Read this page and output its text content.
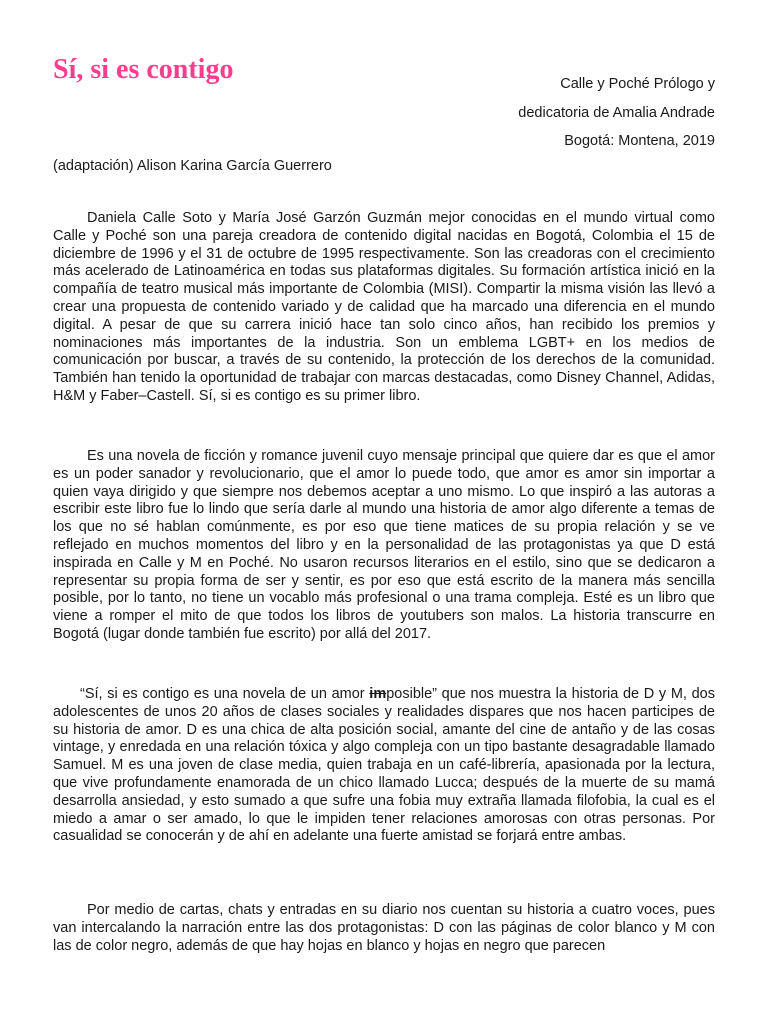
Sí, si es contigo	Calle y Poché Prólogo y
dedicatoria de Amalia Andrade
Bogotá: Montena, 2019
(adaptación) Alison Karina García Guerrero

Daniela Calle Soto y María José Garzón Guzmán mejor conocidas en el mundo virtual como Calle y Poché son una pareja creadora de contenido digital nacidas en Bogotá, Colombia el 15 de diciembre de 1996 y el 31 de octubre de 1995 respectivamente. Son las creadoras con el crecimiento más acelerado de Latinoamérica en todas sus plataformas digitales. Su formación artística inició en la compañía de teatro musical más importante de Colombia (MISI). Compartir la misma visión las llevó a crear una propuesta de contenido variado y de calidad que ha marcado una diferencia en el mundo digital. A pesar de que su carrera inició hace tan solo cinco años, han recibido los premios y nominaciones más importantes de la industria. Son un emblema LGBT+ en los medios de comunicación por buscar, a través de su contenido, la protección de los derechos de la comunidad. También han tenido la oportunidad de trabajar con marcas destacadas, como Disney Channel, Adidas, H&M y Faber–Castell. Sí, si es contigo es su primer libro.

Es una novela de ficción y romance juvenil cuyo mensaje principal que quiere dar es que el amor es un poder sanador y revolucionario, que el amor lo puede todo, que amor es amor sin importar a quien vaya dirigido y que siempre nos debemos aceptar a uno mismo. Lo que inspiró a las autoras a escribir este libro fue lo lindo que sería darle al mundo una historia de amor algo diferente a temas de los que no sé hablan comúnmente, es por eso que tiene matices de su propia relación y se ve reflejado en muchos momentos del libro y en la personalidad de las protagonistas ya que D está inspirada en Calle y M en Poché. No usaron recursos literarios en el estilo, sino que se dedicaron a representar su propia forma de ser y sentir, es por eso que está escrito de la manera más sencilla posible, por lo tanto, no tiene un vocablo más profesional o una trama compleja. Esté es un libro que viene a romper el mito de que todos los libros de youtubers son malos. La historia transcurre en Bogotá (lugar donde también fue escrito) por allá del 2017.

“Sí, si es contigo es una novela de un amor imposible” que nos muestra la historia de D y M, dos adolescentes de unos 20 años de clases sociales y realidades dispares que nos hacen participes de su historia de amor. D es una chica de alta posición social, amante del cine de antaño y de las cosas vintage, y enredada en una relación tóxica y algo compleja con un tipo bastante desagradable llamado Samuel. M es una joven de clase media, quien trabaja en un café-librería, apasionada por la lectura, que vive profundamente enamorada de un chico llamado Lucca; después de la muerte de su mamá desarrolla ansiedad, y esto sumado a que sufre una fobia muy extraña llamada filofobia, la cual es el miedo a amar o ser amado, lo que le impiden tener relaciones amorosas con otras personas. Por casualidad se conocerán y de ahí en adelante una fuerte amistad se forjará entre ambas.

Por medio de cartas, chats y entradas en su diario nos cuentan su historia a cuatro voces, pues van intercalando la narración entre las dos protagonistas: D con las páginas de color blanco y M con las de color negro, además de que hay hojas en blanco y hojas en negro que parecen
